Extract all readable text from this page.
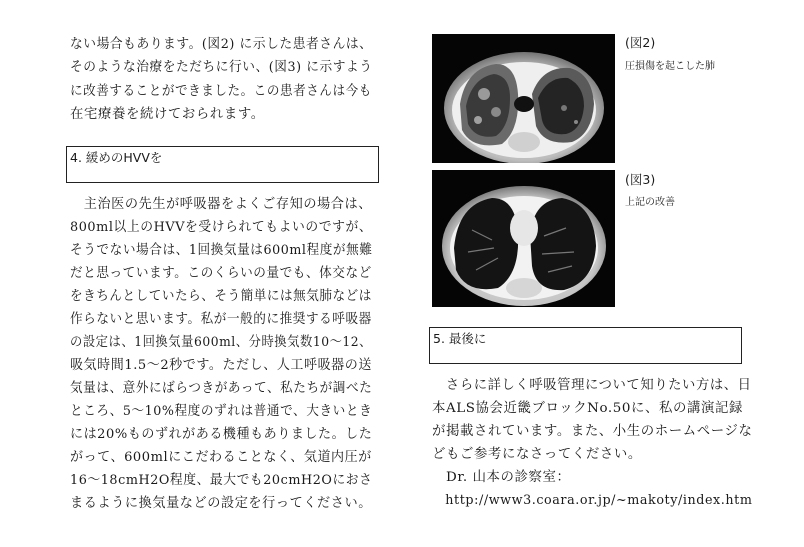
ない場合もあります。(図2) に示した患者さんは、
そのような治療をただちに行い、(図3) に示すよう
に改善することができました。この患者さんは今も
在宅療養を続けておられます。
4. 緩めのHVVを
　主治医の先生が呼吸器をよくご存知の場合は、
800ml以上のHVVを受けられてもよいのですが、
そうでない場合は、1回換気量は600ml程度が無難
だと思っています。このくらいの量でも、体交など
をきちんとしていたら、そう簡単には無気肺などは
作らないと思います。私が一般的に推奨する呼吸器
の設定は、1回換気量600ml、分時換気数10～12、
吸気時間1.5～2秒です。ただし、人工呼吸器の送
気量は、意外にばらつきがあって、私たちが調べた
ところ、5～10%程度のずれは普通で、大きいとき
には20%ものずれがある機種もありました。した
がって、600mlにこだわることなく、気道内圧が
16～18cmH2O程度、最大でも20cmH2Oにおさ
まるように換気量などの設定を行ってください。
(図2)
圧損傷を起こした肺
(図3)
上記の改善
5. 最後に
　さらに詳しく呼吸管理について知りたい方は、日
本ALS協会近畿ブロックNo.50に、私の講演記録
が掲載されています。また、小生のホームページな
どもご参考になさってください。
　Dr. 山本の診察室：
　http://www3.coara.or.jp/~makoty/index.htm
